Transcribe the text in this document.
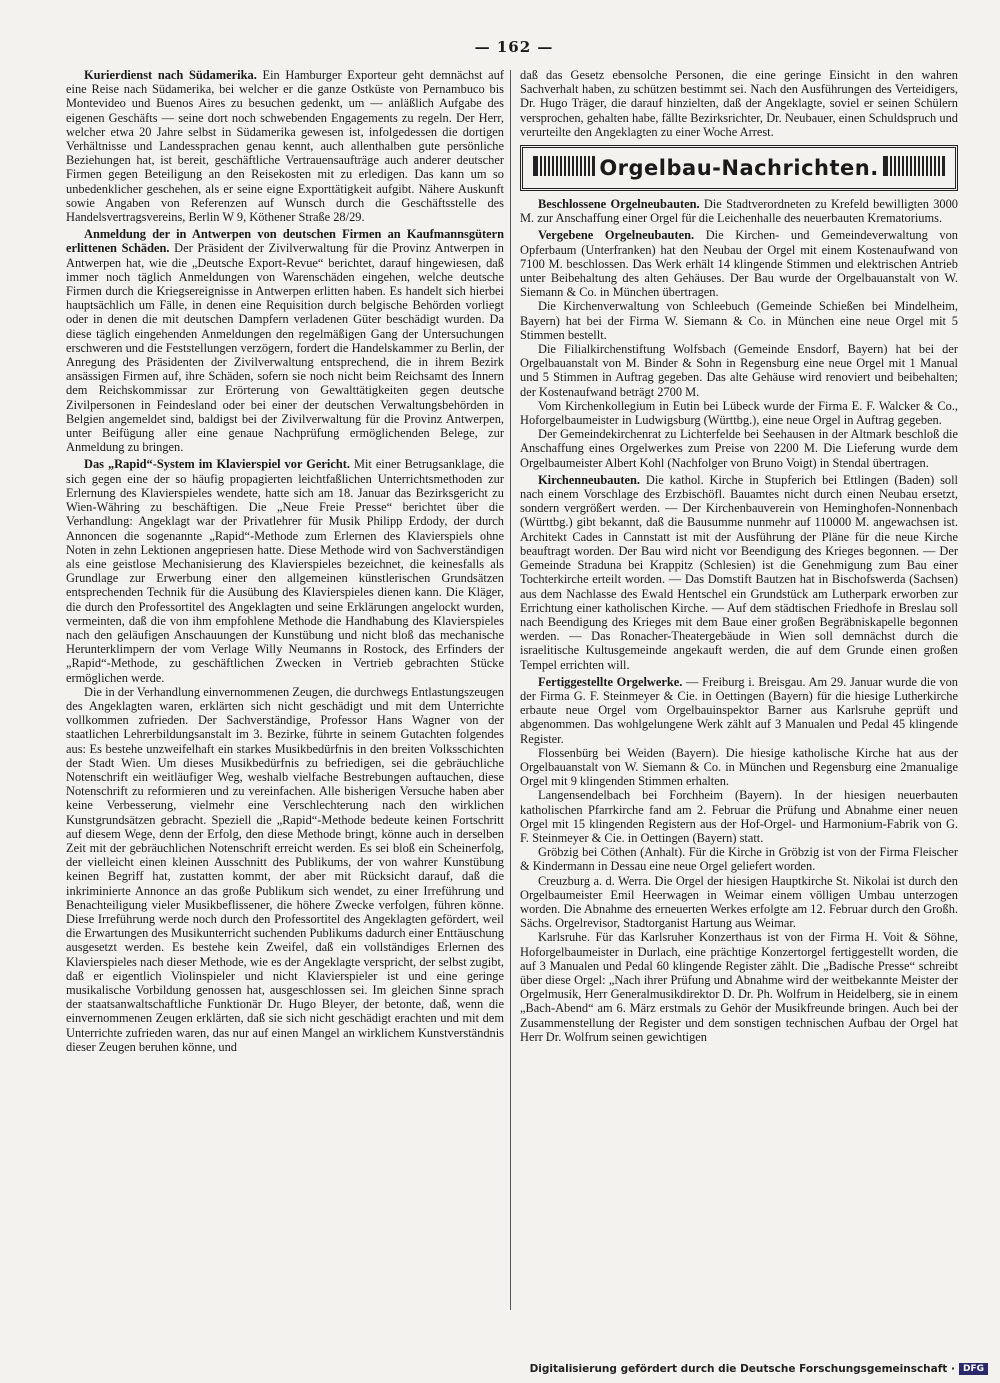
— 162 —

Kurierdienst nach Südamerika. Ein Hamburger Exporteur geht demnächst auf eine Reise nach Südamerika, bei welcher er die ganze Ostküste von Pernambuco bis Montevideo und Buenos Aires zu besuchen gedenkt, um — anläßlich Aufgabe des eigenen Geschäfts — seine dort noch schwebenden Engagements zu regeln. Der Herr, welcher etwa 20 Jahre selbst in Südamerika gewesen ist, infolgedessen die dortigen Verhältnisse und Landessprachen genau kennt, auch allenthalben gute persönliche Beziehungen hat, ist bereit, geschäftliche Vertrauensaufträge auch anderer deutscher Firmen gegen Beteiligung an den Reisekosten mit zu erledigen. Das kann um so unbedenklicher geschehen, als er seine eigne Exporttätigkeit aufgibt. Nähere Auskunft sowie Angaben von Referenzen auf Wunsch durch die Geschäftsstelle des Handelsvertragsvereins, Berlin W 9, Köthener Straße 28/29.

Anmeldung der in Antwerpen von deutschen Firmen an Kaufmannsgütern erlittenen Schäden. Der Präsident der Zivilverwaltung für die Provinz Antwerpen in Antwerpen hat, wie die „Deutsche Export-Revue“ berichtet, darauf hingewiesen, daß immer noch täglich Anmeldungen von Warenschäden eingehen, welche deutsche Firmen durch die Kriegsereignisse in Antwerpen erlitten haben. Es handelt sich hierbei hauptsächlich um Fälle, in denen eine Requisition durch belgische Behörden vorliegt oder in denen die mit deutschen Dampfern verladenen Güter beschädigt wurden. Da diese täglich eingehenden Anmeldungen den regelmäßigen Gang der Untersuchungen erschweren und die Feststellungen verzögern, fordert die Handelskammer zu Berlin, der Anregung des Präsidenten der Zivilverwaltung entsprechend, die in ihrem Bezirk ansässigen Firmen auf, ihre Schäden, sofern sie noch nicht beim Reichsamt des Innern dem Reichskommissar zur Erörterung von Gewalttätigkeiten gegen deutsche Zivilpersonen in Feindesland oder bei einer der deutschen Verwaltungsbehörden in Belgien angemeldet sind, baldigst bei der Zivilverwaltung für die Provinz Antwerpen, unter Beifügung aller eine genaue Nachprüfung ermöglichenden Belege, zur Anmeldung zu bringen.

Das „Rapid“-System im Klavierspiel vor Gericht. Mit einer Betrugsanklage, die sich gegen eine der so häufig propagierten leichtfaßlichen Unterrichtsmethoden zur Erlernung des Klavierspieles wendete, hatte sich am 18. Januar das Bezirksgericht zu Wien-Währing zu beschäftigen. Die „Neue Freie Presse“ berichtet über die Verhandlung: Angeklagt war der Privatlehrer für Musik Philipp Erdody, der durch Annoncen die sogenannte „Rapid“-Methode zum Erlernen des Klavierspiels ohne Noten in zehn Lektionen angepriesen hatte. Diese Methode wird von Sachverständigen als eine geistlose Mechanisierung des Klavierspieles bezeichnet, die keinesfalls als Grundlage zur Erwerbung einer den allgemeinen künstlerischen Grundsätzen entsprechenden Technik für die Ausübung des Klavierspieles dienen kann. Die Kläger, die durch den Professortitel des Angeklagten und seine Erklärungen angelockt wurden, vermeinten, daß die von ihm empfohlene Methode die Handhabung des Klavierspieles nach den geläufigen Anschauungen der Kunstübung und nicht bloß das mechanische Herunterklimpern der vom Verlage Willy Neumanns in Rostock, des Erfinders der „Rapid“-Methode, zu geschäftlichen Zwecken in Vertrieb gebrachten Stücke ermöglichen werde.

Die in der Verhandlung einvernommenen Zeugen, die durchwegs Entlastungszeugen des Angeklagten waren, erklärten sich nicht geschädigt und mit dem Unterrichte vollkommen zufrieden. Der Sachverständige, Professor Hans Wagner von der staatlichen Lehrerbildungsanstalt im 3. Bezirke, führte in seinem Gutachten folgendes aus: Es bestehe unzweifelhaft ein starkes Musikbedürfnis in den breiten Volksschichten der Stadt Wien. Um dieses Musikbedürfnis zu befriedigen, sei die gebräuchliche Notenschrift ein weitläufiger Weg, weshalb vielfache Bestrebungen auftauchen, diese Notenschrift zu reformieren und zu vereinfachen. Alle bisherigen Versuche haben aber keine Verbesserung, vielmehr eine Verschlechterung nach den wirklichen Kunstgrundsätzen gebracht. Speziell die „Rapid“-Methode bedeute keinen Fortschritt auf diesem Wege, denn der Erfolg, den diese Methode bringt, könne auch in derselben Zeit mit der gebräuchlichen Notenschrift erreicht werden. Es sei bloß ein Scheinerfolg, der vielleicht einen kleinen Ausschnitt des Publikums, der von wahrer Kunstübung keinen Begriff hat, zustatten kommt, der aber mit Rücksicht darauf, daß die inkriminierte Annonce an das große Publikum sich wendet, zu einer Irreführung und Benachteiligung vieler Musikbeflissener, die höhere Zwecke verfolgen, führen könne. Diese Irreführung werde noch durch den Professortitel des Angeklagten gefördert, weil die Erwartungen des Musikunterricht suchenden Publikums dadurch einer Enttäuschung ausgesetzt werden. Es bestehe kein Zweifel, daß ein vollständiges Erlernen des Klavierspieles nach dieser Methode, wie es der Angeklagte verspricht, der selbst zugibt, daß er eigentlich Violinspieler und nicht Klavierspieler ist und eine geringe musikalische Vorbildung genossen hat, ausgeschlossen sei. Im gleichen Sinne sprach der staatsanwaltschaftliche Funktionär Dr. Hugo Bleyer, der betonte, daß, wenn die einvernommenen Zeugen erklärten, daß sie sich nicht geschädigt erachten und mit dem Unterrichte zufrieden waren, das nur auf einen Mangel an wirklichem Kunstverständnis dieser Zeugen beruhen könne, und

daß das Gesetz ebensolche Personen, die eine geringe Einsicht in den wahren Sachverhalt haben, zu schützen bestimmt sei. Nach den Ausführungen des Verteidigers, Dr. Hugo Träger, die darauf hinzielten, daß der Angeklagte, soviel er seinen Schülern versprochen, gehalten habe, fällte Bezirksrichter, Dr. Neubauer, einen Schuldspruch und verurteilte den Angeklagten zu einer Woche Arrest.

Orgelbau-Nachrichten.

Beschlossene Orgelneubauten. Die Stadtverordneten zu Krefeld bewilligten 3000 M. zur Anschaffung einer Orgel für die Leichenhalle des neuerbauten Krematoriums.

Vergebene Orgelneubauten. Die Kirchen- und Gemeindeverwaltung von Opferbaum (Unterfranken) hat den Neubau der Orgel mit einem Kostenaufwand von 7100 M. beschlossen. Das Werk erhält 14 klingende Stimmen und elektrischen Antrieb unter Beibehaltung des alten Gehäuses. Der Bau wurde der Orgelbauanstalt von W. Siemann & Co. in München übertragen.

Die Kirchenverwaltung von Schleebuch (Gemeinde Schießen bei Mindelheim, Bayern) hat bei der Firma W. Siemann & Co. in München eine neue Orgel mit 5 Stimmen bestellt.

Die Filialkirchenstiftung Wolfsbach (Gemeinde Ensdorf, Bayern) hat bei der Orgelbauanstalt von M. Binder & Sohn in Regensburg eine neue Orgel mit 1 Manual und 5 Stimmen in Auftrag gegeben. Das alte Gehäuse wird renoviert und beibehalten; der Kostenaufwand beträgt 2700 M.

Vom Kirchenkollegium in Eutin bei Lübeck wurde der Firma E. F. Walcker & Co., Hoforgelbaumeister in Ludwigsburg (Württbg.), eine neue Orgel in Auftrag gegeben.

Der Gemeindekirchenrat zu Lichterfelde bei Seehausen in der Altmark beschloß die Anschaffung eines Orgelwerkes zum Preise von 2200 M. Die Lieferung wurde dem Orgelbaumeister Albert Kohl (Nachfolger von Bruno Voigt) in Stendal übertragen.

Kirchenneubauten. Die kathol. Kirche in Stupferich bei Ettlingen (Baden) soll nach einem Vorschlage des Erzbischöfl. Bauamtes nicht durch einen Neubau ersetzt, sondern vergrößert werden. — Der Kirchenbauverein von Heminghofen-Nonnenbach (Württbg.) gibt bekannt, daß die Bausumme nunmehr auf 110000 M. angewachsen ist. Architekt Cades in Cannstatt ist mit der Ausführung der Pläne für die neue Kirche beauftragt worden. Der Bau wird nicht vor Beendigung des Krieges begonnen. — Der Gemeinde Straduna bei Krappitz (Schlesien) ist die Genehmigung zum Bau einer Tochterkirche erteilt worden. — Das Domstift Bautzen hat in Bischofswerda (Sachsen) aus dem Nachlasse des Ewald Hentschel ein Grundstück am Lutherpark erworben zur Errichtung einer katholischen Kirche. — Auf dem städtischen Friedhofe in Breslau soll nach Beendigung des Krieges mit dem Baue einer großen Begräbniskapelle begonnen werden. — Das Ronacher-Theatergebäude in Wien soll demnächst durch die israelitische Kultusgemeinde angekauft werden, die auf dem Grunde einen großen Tempel errichten will.

Fertiggestellte Orgelwerke. — Freiburg i. Breisgau. Am 29. Januar wurde die von der Firma G. F. Steinmeyer & Cie. in Oettingen (Bayern) für die hiesige Lutherkirche erbaute neue Orgel vom Orgelbauinspektor Barner aus Karlsruhe geprüft und abgenommen. Das wohlgelungene Werk zählt auf 3 Manualen und Pedal 45 klingende Register.

Flossenbürg bei Weiden (Bayern). Die hiesige katholische Kirche hat aus der Orgelbauanstalt von W. Siemann & Co. in München und Regensburg eine 2manualige Orgel mit 9 klingenden Stimmen erhalten.

Langensendelbach bei Forchheim (Bayern). In der hiesigen neuerbauten katholischen Pfarrkirche fand am 2. Februar die Prüfung und Abnahme einer neuen Orgel mit 15 klingenden Registern aus der Hof-Orgel- und Harmonium-Fabrik von G. F. Steinmeyer & Cie. in Oettingen (Bayern) statt.

Gröbzig bei Cöthen (Anhalt). Für die Kirche in Gröbzig ist von der Firma Fleischer & Kindermann in Dessau eine neue Orgel geliefert worden.

Creuzburg a. d. Werra. Die Orgel der hiesigen Hauptkirche St. Nikolai ist durch den Orgelbaumeister Emil Heerwagen in Weimar einem völligen Umbau unterzogen worden. Die Abnahme des erneuerten Werkes erfolgte am 12. Februar durch den Großh. Sächs. Orgelrevisor, Stadtorganist Hartung aus Weimar.

Karlsruhe. Für das Karlsruher Konzerthaus ist von der Firma H. Voit & Söhne, Hoforgelbaumeister in Durlach, eine prächtige Konzertorgel fertiggestellt worden, die auf 3 Manualen und Pedal 60 klingende Register zählt. Die „Badische Presse“ schreibt über diese Orgel: „Nach ihrer Prüfung und Abnahme wird der weitbekannte Meister der Orgelmusik, Herr Generalmusikdirektor D. Dr. Ph. Wolfrum in Heidelberg, sie in einem „Bach-Abend“ am 6. März erstmals zu Gehör der Musikfreunde bringen. Auch bei der Zusammenstellung der Register und dem sonstigen technischen Aufbau der Orgel hat Herr Dr. Wolfrum seinen gewichtigen

Digitalisierung gefördert durch die Deutsche Forschungsgemeinschaft · DFG
